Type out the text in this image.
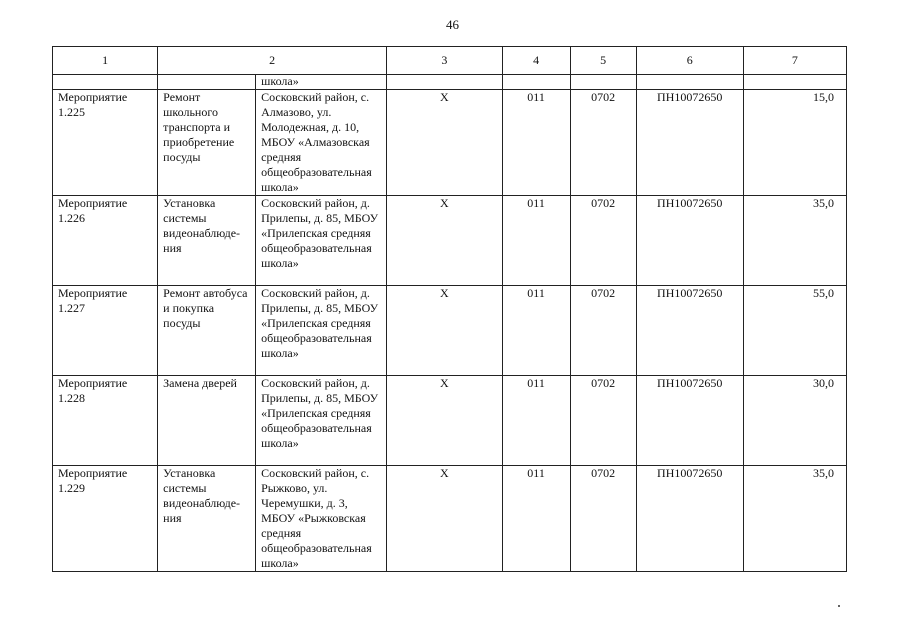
46
1	2		3	4	5	6	7
		школа»					
Мероприятие 1.225	Ремонт школьного транспорта и приобретение посуды	Сосковский район, с. Алмазово, ул. Молодежная, д. 10, МБОУ «Алмазовская средняя общеобразовательная школа»	X	011	0702	ПН10072650	15,0
Мероприятие 1.226	Установка системы видеонаблюде-ния	Сосковский район, д. Прилепы, д. 85, МБОУ «Прилепская средняя общеобразовательная школа»	X	011	0702	ПН10072650	35,0
Мероприятие 1.227	Ремонт автобуса и покупка посуды	Сосковский район, д. Прилепы, д. 85, МБОУ «Прилепская средняя общеобразовательная школа»	X	011	0702	ПН10072650	55,0
Мероприятие 1.228	Замена дверей	Сосковский район, д. Прилепы, д. 85, МБОУ «Прилепская средняя общеобразовательная школа»	X	011	0702	ПН10072650	30,0
Мероприятие 1.229	Установка системы видеонаблюде-ния	Сосковский район, с. Рыжково, ул. Черемушки, д. 3, МБОУ «Рыжковская средняя общеобразовательная школа»	X	011	0702	ПН10072650	35,0
